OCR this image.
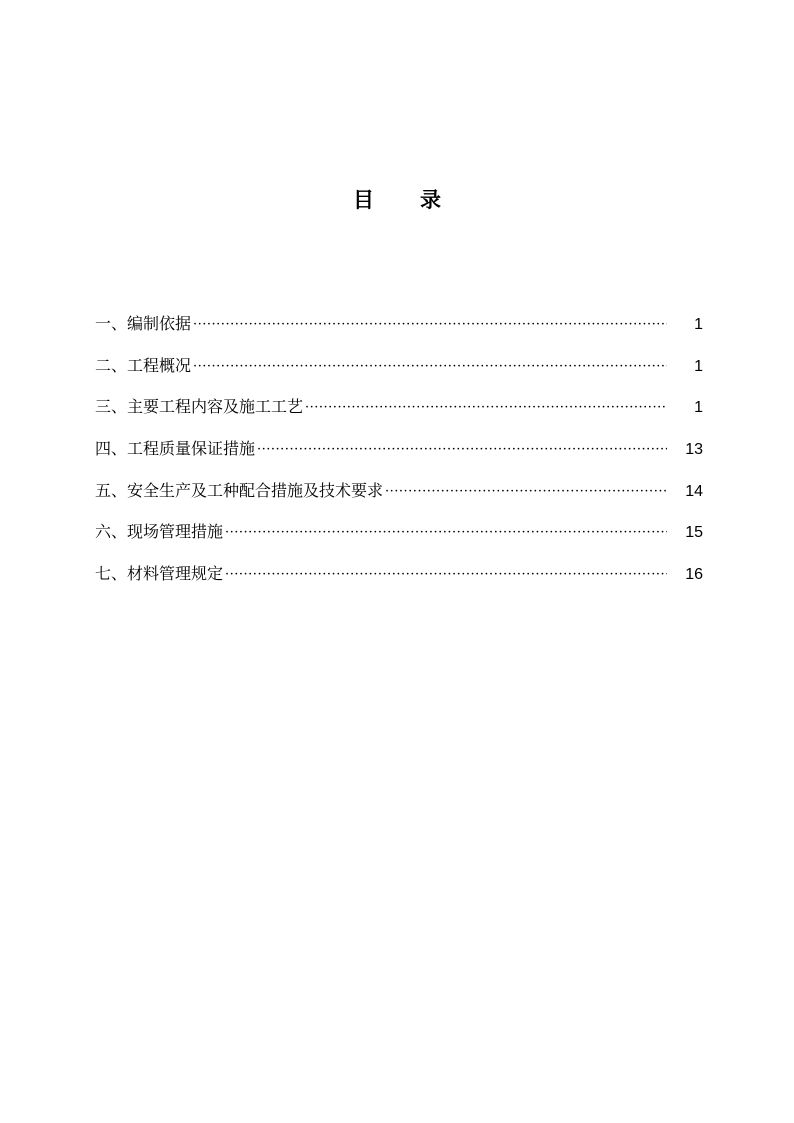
目 录
一、编制依据 ·····	1
二、工程概况 ·····	1
三、主要工程内容及施工工艺 ·····	1
四、工程质量保证措施 ·····	13
五、安全生产及工种配合措施及技术要求 ·····	14
六、现场管理措施 ·····	15
七、材料管理规定 ·····	16
